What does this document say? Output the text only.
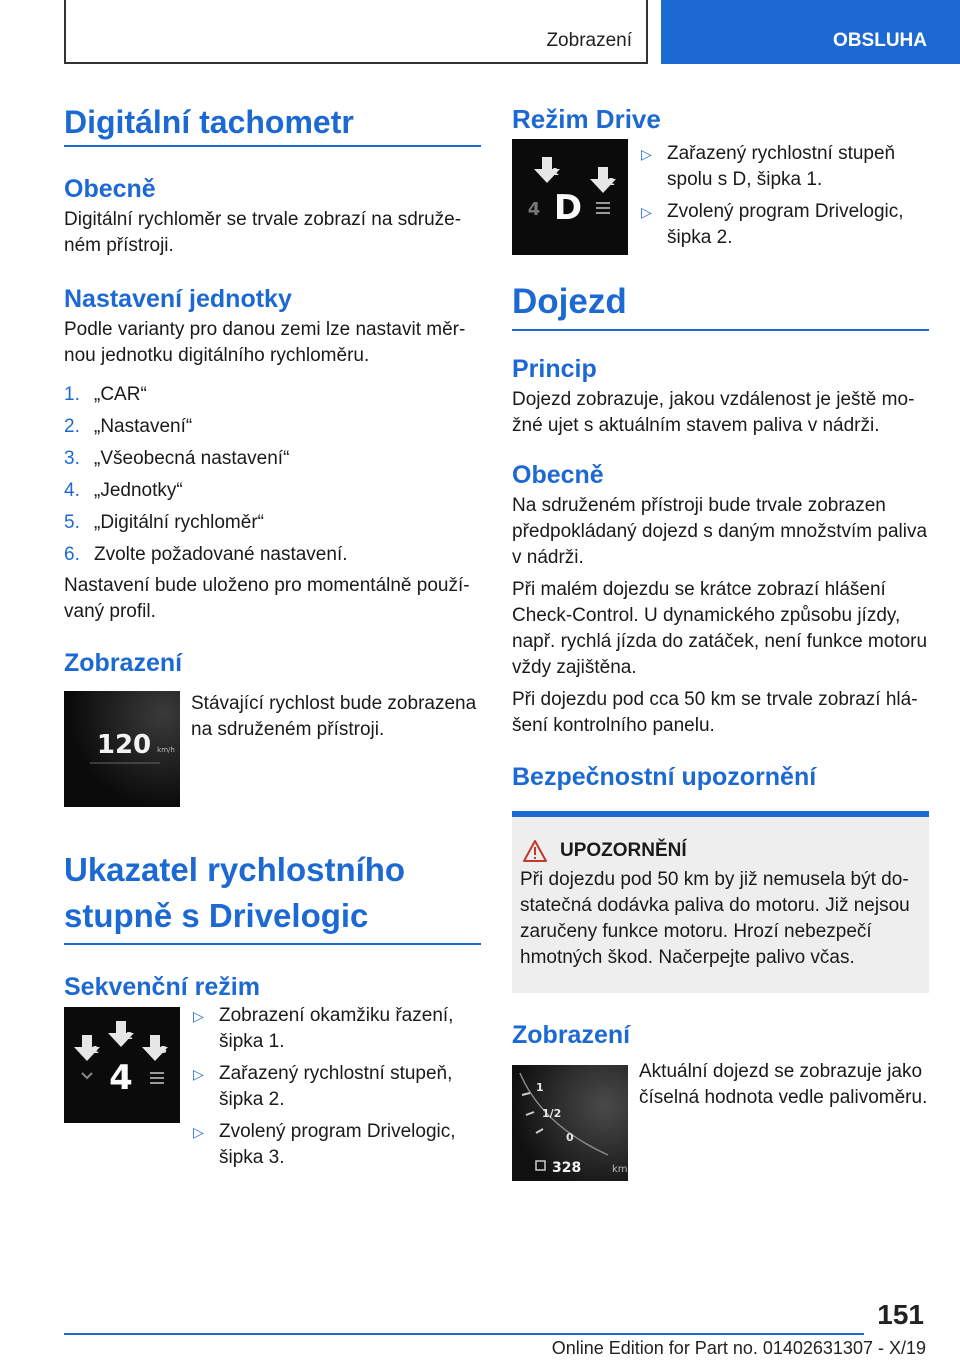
Zobrazení	OBSLUHA
Digitální tachometr
Obecně

Digitální rychloměr se trvale zobrazí na sdruženém přístroji.

Nastavení jednotky

Podle varianty pro danou zemi lze nastavit měrnou jednotku digitálního rychloměru.

1. „CAR“
2. „Nastavení“
3. „Všeobecná nastavení“
4. „Jednotky“
5. „Digitální rychloměr“
6. Zvolte požadované nastavení.

Nastavení bude uloženo pro momentálně používaný profil.

Zobrazení
120 km/h

Stávající rychlost bude zobrazena na sdruženém přístroji.

Ukazatel rychlostního stupně s Drivelogic
Sekvenční režim
1
2
3
4
▷ Zobrazení okamžiku řazení, šipka 1.
▷ Zařazený rychlostní stupeň, šipka 2.
▷ Zvolený program Drivelogic, šipka 3.
Režim Drive
1
2
4 D
▷ Zařazený rychlostní stupeň spolu s D, šipka 1.
▷ Zvolený program Drivelogic, šipka 2.
Dojezd
Princip

Dojezd zobrazuje, jakou vzdálenost je ještě možné ujet s aktuálním stavem paliva v nádrži.

Obecně

Na sdruženém přístroji bude trvale zobrazen předpokládaný dojezd s daným množstvím paliva v nádrži.

Při malém dojezdu se krátce zobrazí hlášení Check-Control. U dynamického způsobu jízdy, např. rychlá jízda do zatáček, není funkce motoru vždy zajištěna.

Při dojezdu pod cca 50 km se trvale zobrazí hlášení kontrolního panelu.

Bezpečnostní upozornění
UPOZORNĚNÍ

Při dojezdu pod 50 km by již nemusela být dostatečná dodávka paliva do motoru. Již nejsou zaručeny funkce motoru. Hrozí nebezpečí hmotných škod. Načerpejte palivo včas.

Zobrazení
1
1/2
0
328	km

Aktuální dojezd se zobrazuje jako číselná hodnota vedle palivoměru.

151
Online Edition for Part no. 01402631307 - X/19
